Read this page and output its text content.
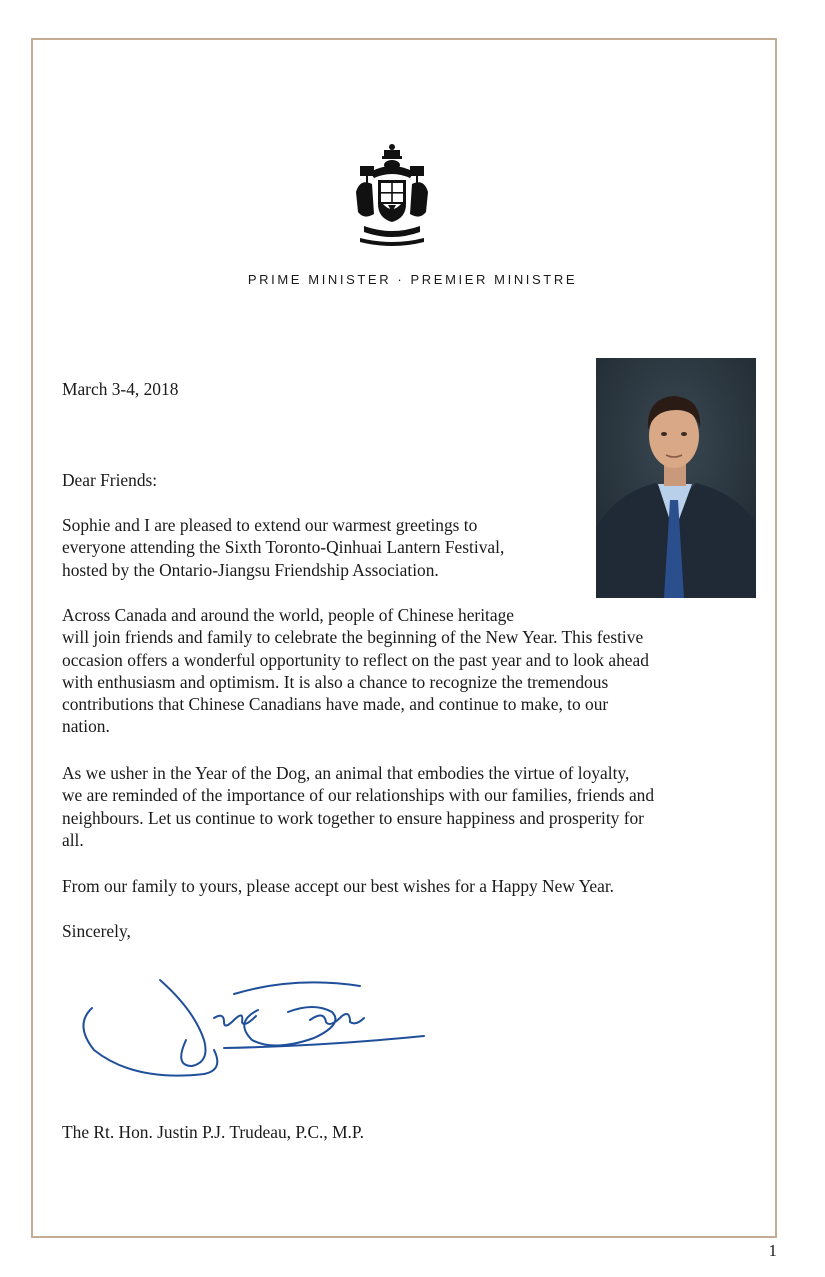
PRIME MINISTER · PREMIER MINISTRE

March 3-4, 2018

Dear Friends:

Sophie and I are pleased to extend our warmest greetings to
everyone attending the Sixth Toronto-Qinhuai Lantern Festival,
hosted by the Ontario-Jiangsu Friendship Association.

Across Canada and around the world, people of Chinese heritage
will join friends and family to celebrate the beginning of the New Year. This festive
occasion offers a wonderful opportunity to reflect on the past year and to look ahead
with enthusiasm and optimism. It is also a chance to recognize the tremendous
contributions that Chinese Canadians have made, and continue to make, to our
nation.

As we usher in the Year of the Dog, an animal that embodies the virtue of loyalty,
we are reminded of the importance of our relationships with our families, friends and
neighbours. Let us continue to work together to ensure happiness and prosperity for
all.

From our family to yours, please accept our best wishes for a Happy New Year.

Sincerely,

The Rt. Hon. Justin P.J. Trudeau, P.C., M.P.

1
